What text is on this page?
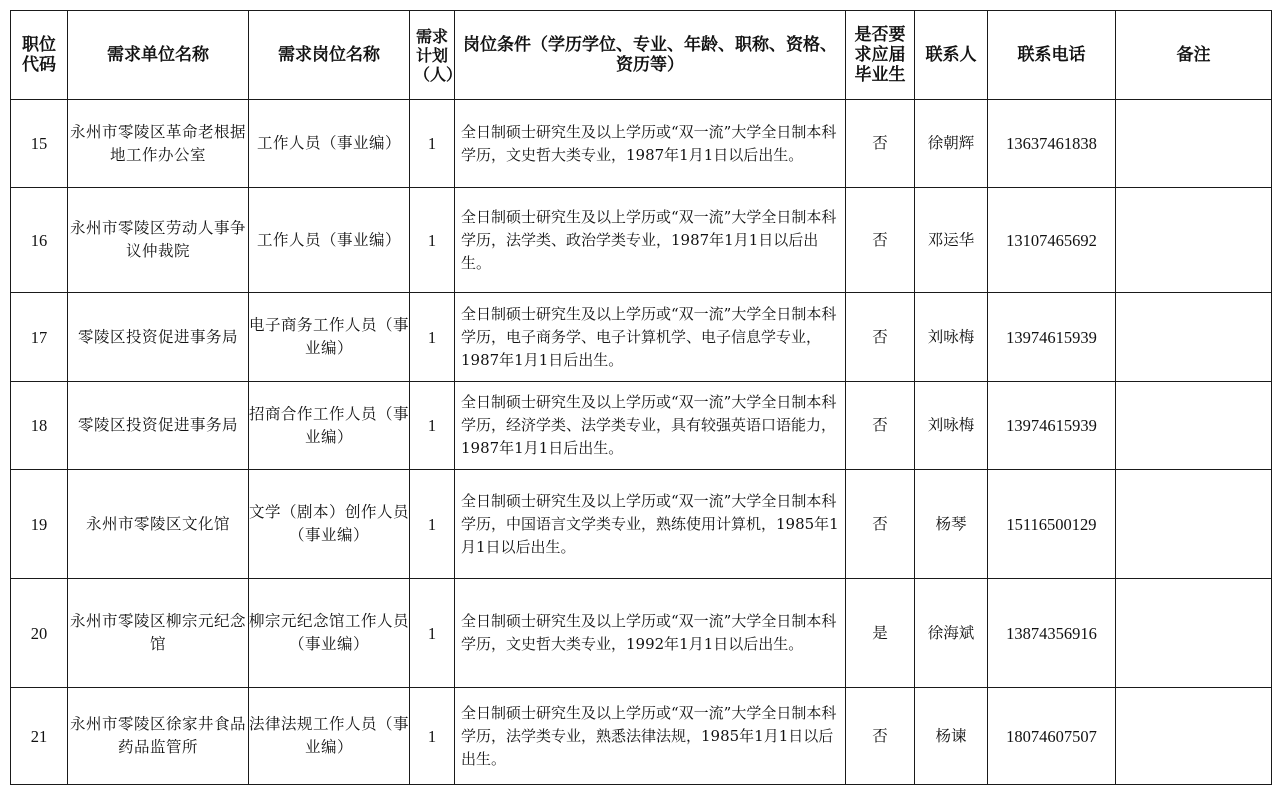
职位代码	需求单位名称	需求岗位名称	需求计划（人）	岗位条件（学历学位、专业、年龄、职称、资格、资历等）	是否要求应届毕业生	联系人	联系电话	备注
15	永州市零陵区革命老根据地工作办公室	工作人员（事业编）	1	全日制硕士研究生及以上学历或“双一流”大学全日制本科学历，文史哲大类专业，1987年1月1日以后出生。	否	徐朝辉	13637461838	
16	永州市零陵区劳动人事争议仲裁院	工作人员（事业编）	1	全日制硕士研究生及以上学历或“双一流”大学全日制本科学历，法学类、政治学类专业，1987年1月1日以后出生。	否	邓运华	13107465692	
17	零陵区投资促进事务局	电子商务工作人员（事业编）	1	全日制硕士研究生及以上学历或“双一流”大学全日制本科学历，电子商务学、电子计算机学、电子信息学专业，1987年1月1日后出生。	否	刘咏梅	13974615939	
18	零陵区投资促进事务局	招商合作工作人员（事业编）	1	全日制硕士研究生及以上学历或“双一流”大学全日制本科学历，经济学类、法学类专业，具有较强英语口语能力，1987年1月1日后出生。	否	刘咏梅	13974615939	
19	永州市零陵区文化馆	文学（剧本）创作人员（事业编）	1	全日制硕士研究生及以上学历或“双一流”大学全日制本科学历，中国语言文学类专业，熟练使用计算机，1985年1月1日以后出生。	否	杨琴	15116500129	
20	永州市零陵区柳宗元纪念馆	柳宗元纪念馆工作人员（事业编）	1	全日制硕士研究生及以上学历或“双一流”大学全日制本科学历，文史哲大类专业，1992年1月1日以后出生。	是	徐海斌	13874356916	
21	永州市零陵区徐家井食品药品监管所	法律法规工作人员（事业编）	1	全日制硕士研究生及以上学历或“双一流”大学全日制本科学历，法学类专业，熟悉法律法规，1985年1月1日以后出生。	否	杨谏	18074607507	
